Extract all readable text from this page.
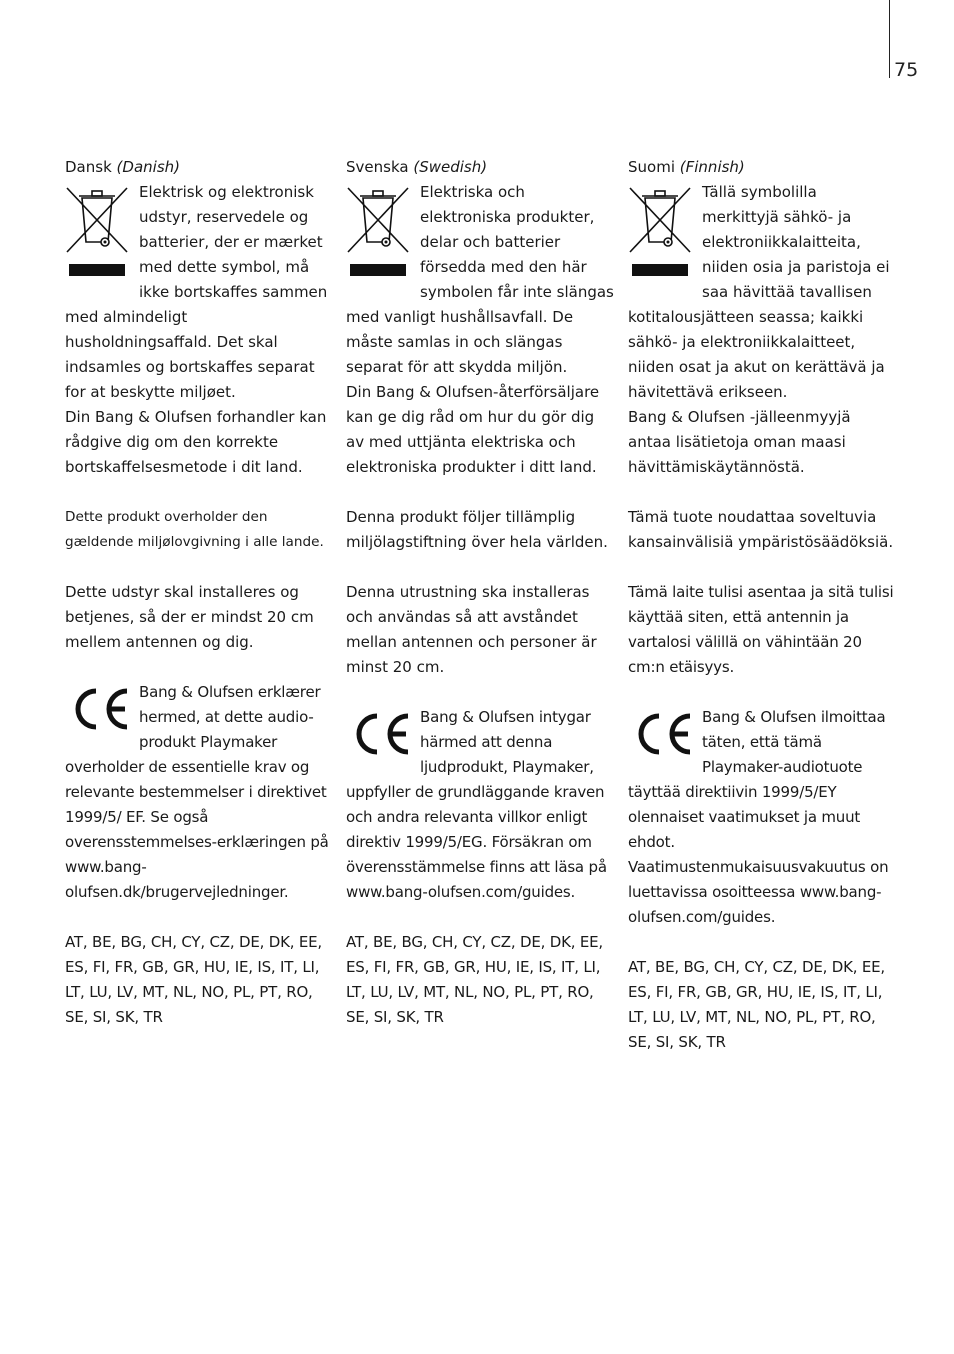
75

Dansk (Danish)

Elektrisk og elektronisk udstyr, reservedele og batterier, der er mærket med dette symbol, må ikke bortskaffes sammen med almindeligt husholdningsaffald. Det skal indsamles og bortskaffes separat for at beskytte miljøet.

Din Bang & Olufsen forhandler kan rådgive dig om den korrekte bortskaffelsesmetode i dit land.

Dette produkt overholder den gældende miljølovgivning i alle lande.

Dette udstyr skal installeres og betjenes, så der er mindst 20 cm mellem antennen og dig.

Bang & Olufsen erklærer hermed, at dette audio-produkt Playmaker overholder de essentielle krav og relevante bestemmelser i direktivet 1999/5/ EF. Se også overensstemmelses-erklæringen på www.bang-olufsen.dk/brugervejledninger.

AT, BE, BG, CH, CY, CZ, DE, DK, EE, ES, FI, FR, GB, GR, HU, IE, IS, IT, LI, LT, LU, LV, MT, NL, NO, PL, PT, RO, SE, SI, SK, TR

Svenska (Swedish)

Elektriska och elektroniska produkter, delar och batterier försedda med den här symbolen får inte slängas med vanligt hushållsavfall. De måste samlas in och slängas separat för att skydda miljön.

Din Bang & Olufsen-återförsäljare kan ge dig råd om hur du gör dig av med uttjänta elektriska och elektroniska produkter i ditt land.

Denna produkt följer tillämplig miljölagstiftning över hela världen.

Denna utrustning ska installeras och användas så att avståndet mellan antennen och personer är minst 20 cm.

Bang & Olufsen intygar härmed att denna ljudprodukt, Playmaker, uppfyller de grundläggande kraven och andra relevanta villkor enligt direktiv 1999/5/EG. Försäkran om överensstämmelse finns att läsa på www.bang-olufsen.com/guides.

AT, BE, BG, CH, CY, CZ, DE, DK, EE, ES, FI, FR, GB, GR, HU, IE, IS, IT, LI, LT, LU, LV, MT, NL, NO, PL, PT, RO, SE, SI, SK, TR

Suomi (Finnish)

Tällä symbolilla merkittyjä sähkö- ja elektroniikkalaitteita, niiden osia ja paristoja ei saa hävittää tavallisen kotitalousjätteen seassa; kaikki sähkö- ja elektroniikkalaitteet, niiden osat ja akut on kerättävä ja hävitettävä erikseen.

Bang & Olufsen -jälleenmyyjä antaa lisätietoja oman maasi hävittämiskäytännöstä.

Tämä tuote noudattaa soveltuvia kansainvälisiä ympäristösäädöksiä.

Tämä laite tulisi asentaa ja sitä tulisi käyttää siten, että antennin ja vartalosi välillä on vähintään 20 cm:n etäisyys.

Bang & Olufsen ilmoittaa täten, että tämä Playmaker-audiotuote täyttää direktiivin 1999/5/EY olennaiset vaatimukset ja muut ehdot. Vaatimustenmukaisuusvakuutus on luettavissa osoitteessa www.bang-olufsen.com/guides.

AT, BE, BG, CH, CY, CZ, DE, DK, EE, ES, FI, FR, GB, GR, HU, IE, IS, IT, LI, LT, LU, LV, MT, NL, NO, PL, PT, RO, SE, SI, SK, TR
